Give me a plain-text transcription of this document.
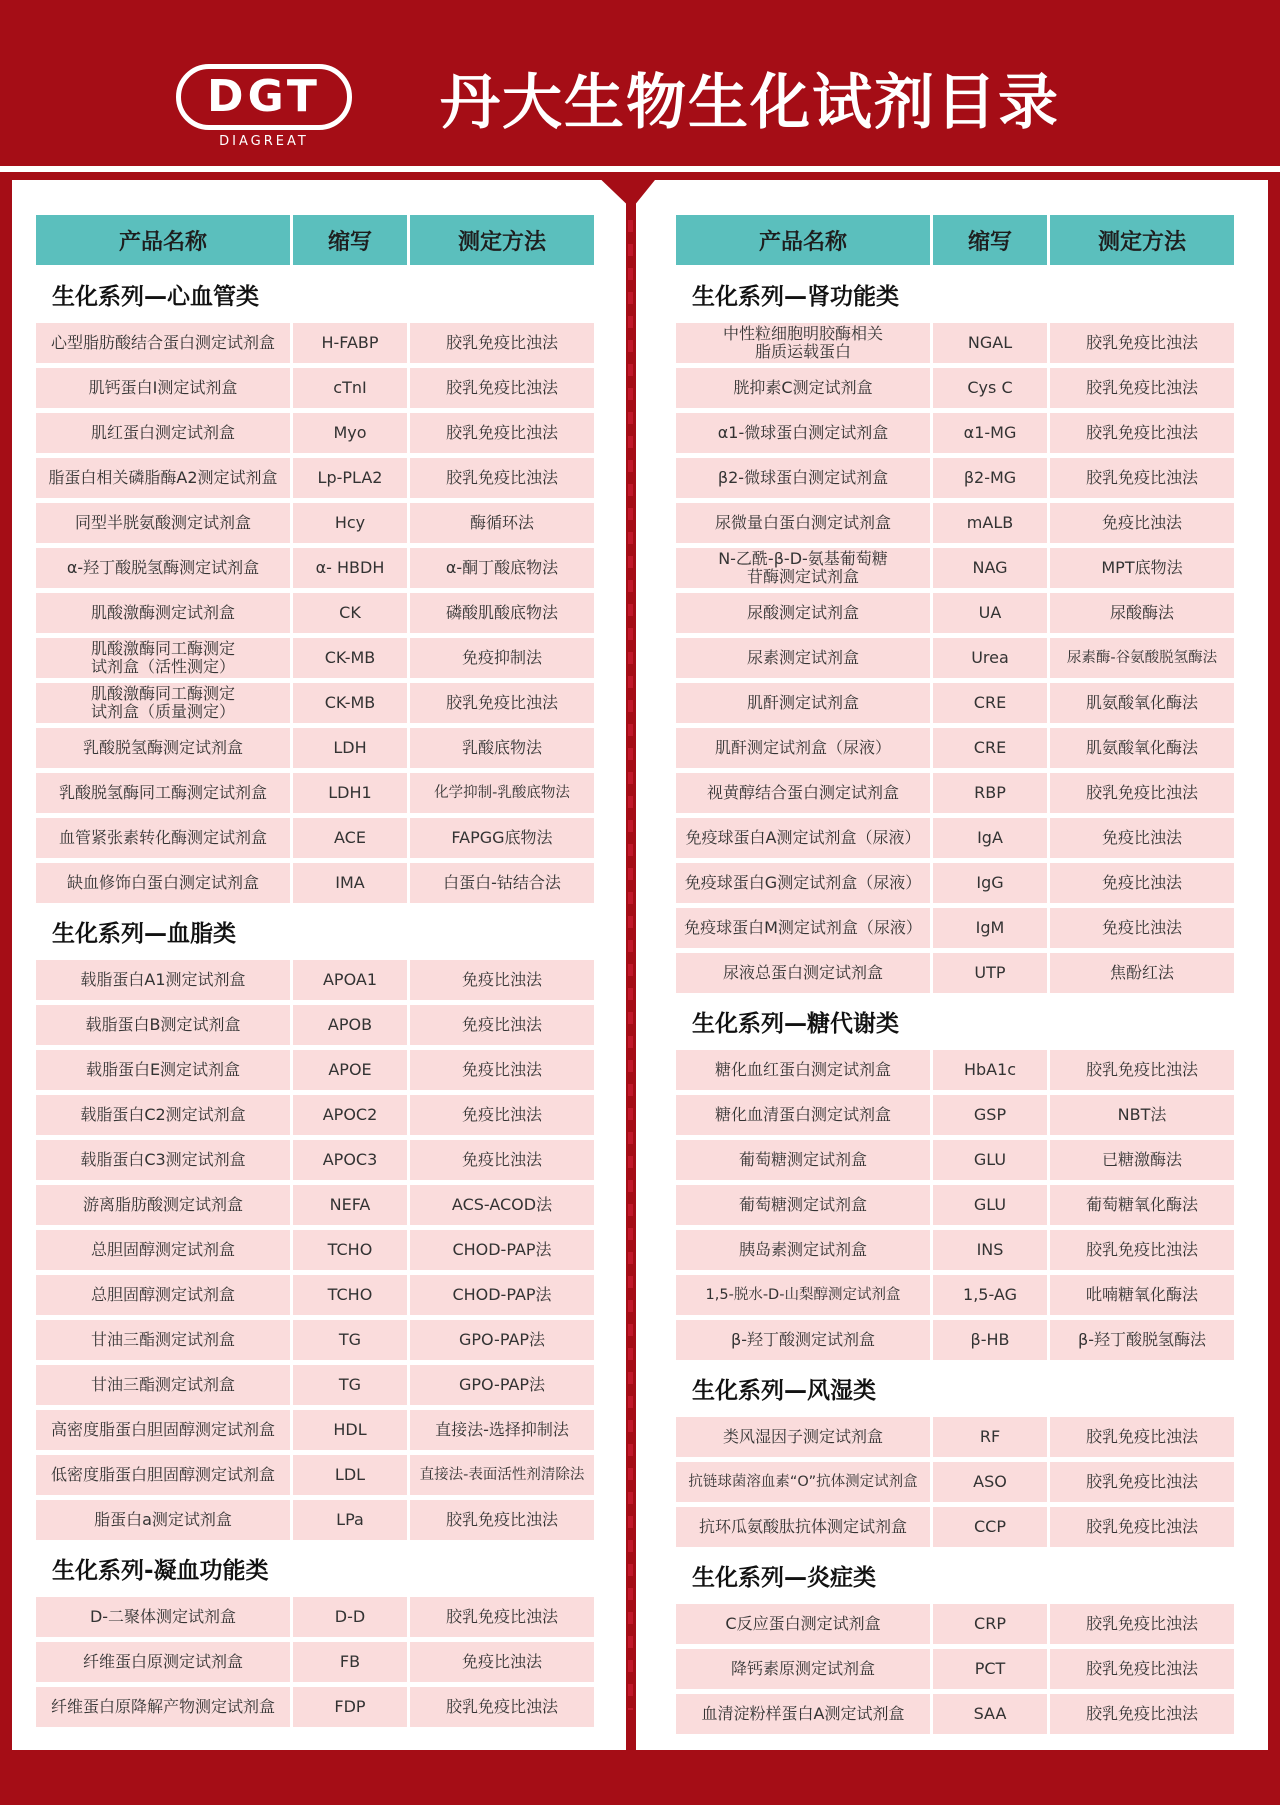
DGT
DIAGREAT
丹大生物生化试剂目录
产品名称	缩写	测定方法
生化系列—心血管类
心型脂肪酸结合蛋白测定试剂盒	H-FABP	胶乳免疫比浊法
肌钙蛋白I测定试剂盒	cTnI	胶乳免疫比浊法
肌红蛋白测定试剂盒	Myo	胶乳免疫比浊法
脂蛋白相关磷脂酶A2测定试剂盒	Lp-PLA2	胶乳免疫比浊法
同型半胱氨酸测定试剂盒	Hcy	酶循环法
α-羟丁酸脱氢酶测定试剂盒	α- HBDH	α-酮丁酸底物法
肌酸激酶测定试剂盒	CK	磷酸肌酸底物法
肌酸激酶同工酶测定
试剂盒（活性测定）	CK-MB	免疫抑制法
肌酸激酶同工酶测定
试剂盒（质量测定）	CK-MB	胶乳免疫比浊法
乳酸脱氢酶测定试剂盒	LDH	乳酸底物法
乳酸脱氢酶同工酶测定试剂盒	LDH1	化学抑制-乳酸底物法
血管紧张素转化酶测定试剂盒	ACE	FAPGG底物法
缺血修饰白蛋白测定试剂盒	IMA	白蛋白-钴结合法
生化系列—血脂类
载脂蛋白A1测定试剂盒	APOA1	免疫比浊法
载脂蛋白B测定试剂盒	APOB	免疫比浊法
载脂蛋白E测定试剂盒	APOE	免疫比浊法
载脂蛋白C2测定试剂盒	APOC2	免疫比浊法
载脂蛋白C3测定试剂盒	APOC3	免疫比浊法
游离脂肪酸测定试剂盒	NEFA	ACS-ACOD法
总胆固醇测定试剂盒	TCHO	CHOD-PAP法
总胆固醇测定试剂盒	TCHO	CHOD-PAP法
甘油三酯测定试剂盒	TG	GPO-PAP法
甘油三酯测定试剂盒	TG	GPO-PAP法
高密度脂蛋白胆固醇测定试剂盒	HDL	直接法-选择抑制法
低密度脂蛋白胆固醇测定试剂盒	LDL	直接法-表面活性剂清除法
脂蛋白a测定试剂盒	LPa	胶乳免疫比浊法
生化系列-凝血功能类
D-二聚体测定试剂盒	D-D	胶乳免疫比浊法
纤维蛋白原测定试剂盒	FB	免疫比浊法
纤维蛋白原降解产物测定试剂盒	FDP	胶乳免疫比浊法
产品名称	缩写	测定方法
生化系列—肾功能类
中性粒细胞明胶酶相关
脂质运载蛋白	NGAL	胶乳免疫比浊法
胱抑素C测定试剂盒	Cys C	胶乳免疫比浊法
α1-微球蛋白测定试剂盒	α1-MG	胶乳免疫比浊法
β2-微球蛋白测定试剂盒	β2-MG	胶乳免疫比浊法
尿微量白蛋白测定试剂盒	mALB	免疫比浊法
N-乙酰-β-D-氨基葡萄糖
苷酶测定试剂盒	NAG	MPT底物法
尿酸测定试剂盒	UA	尿酸酶法
尿素测定试剂盒	Urea	尿素酶-谷氨酸脱氢酶法
肌酐测定试剂盒	CRE	肌氨酸氧化酶法
肌酐测定试剂盒（尿液）	CRE	肌氨酸氧化酶法
视黄醇结合蛋白测定试剂盒	RBP	胶乳免疫比浊法
免疫球蛋白A测定试剂盒（尿液）	IgA	免疫比浊法
免疫球蛋白G测定试剂盒（尿液）	IgG	免疫比浊法
免疫球蛋白M测定试剂盒（尿液）	IgM	免疫比浊法
尿液总蛋白测定试剂盒	UTP	焦酚红法
生化系列—糖代谢类
糖化血红蛋白测定试剂盒	HbA1c	胶乳免疫比浊法
糖化血清蛋白测定试剂盒	GSP	NBT法
葡萄糖测定试剂盒	GLU	已糖激酶法
葡萄糖测定试剂盒	GLU	葡萄糖氧化酶法
胰岛素测定试剂盒	INS	胶乳免疫比浊法
1,5-脱水-D-山梨醇测定试剂盒	1,5-AG	吡喃糖氧化酶法
β-羟丁酸测定试剂盒	β-HB	β-羟丁酸脱氢酶法
生化系列—风湿类
类风湿因子测定试剂盒	RF	胶乳免疫比浊法
抗链球菌溶血素“O”抗体测定试剂盒	ASO	胶乳免疫比浊法
抗环瓜氨酸肽抗体测定试剂盒	CCP	胶乳免疫比浊法
生化系列—炎症类
C反应蛋白测定试剂盒	CRP	胶乳免疫比浊法
降钙素原测定试剂盒	PCT	胶乳免疫比浊法
血清淀粉样蛋白A测定试剂盒	SAA	胶乳免疫比浊法
